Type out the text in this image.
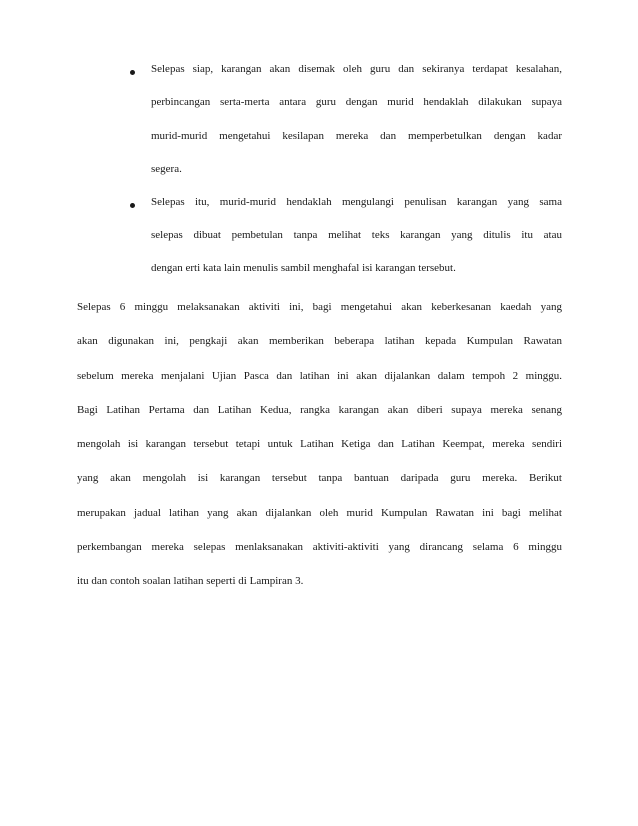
Selepas siap, karangan akan disemak oleh guru dan sekiranya terdapat kesalahan,
perbincangan serta-merta antara guru dengan murid hendaklah dilakukan supaya
murid-murid mengetahui kesilapan mereka dan memperbetulkan dengan kadar
segera.
Selepas itu, murid-murid hendaklah mengulangi penulisan karangan yang sama
selepas dibuat pembetulan tanpa melihat teks karangan yang ditulis itu atau
dengan erti kata lain menulis sambil menghafal isi karangan tersebut.
Selepas 6 minggu melaksanakan aktiviti ini, bagi mengetahui akan keberkesanan kaedah yang
akan digunakan ini, pengkaji akan memberikan beberapa latihan kepada Kumpulan Rawatan
sebelum mereka menjalani Ujian Pasca dan latihan ini akan dijalankan dalam tempoh 2 minggu.
Bagi Latihan Pertama dan Latihan Kedua, rangka karangan akan diberi supaya mereka senang
mengolah isi karangan tersebut tetapi untuk Latihan Ketiga dan Latihan Keempat, mereka sendiri
yang akan mengolah isi karangan tersebut tanpa bantuan daripada guru mereka. Berikut
merupakan jadual latihan yang akan dijalankan oleh murid Kumpulan Rawatan ini bagi melihat
perkembangan mereka selepas menlaksanakan aktiviti-aktiviti yang dirancang selama 6 minggu
itu dan contoh soalan latihan seperti di Lampiran 3.
